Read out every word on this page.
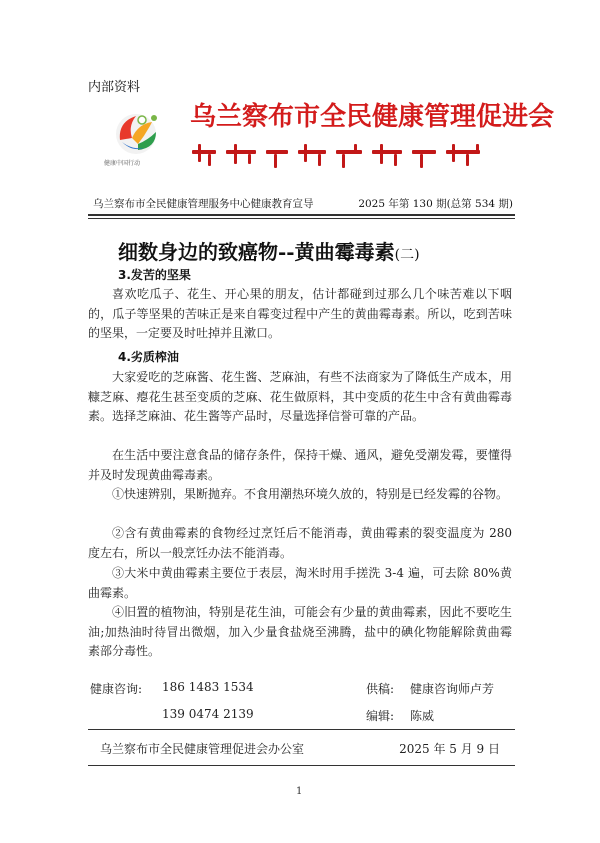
内部资料
健康中国行动
乌兰察布市全民健康管理促进会
乌兰察布市全民健康管理服务中心健康教育宣导	2025 年第 130 期(总第 534 期)
细数身边的致癌物--黄曲霉毒素(二)
3.发苦的坚果
喜欢吃瓜子、花生、开心果的朋友，估计都碰到过那么几个味苦难以下咽的，瓜子等坚果的苦味正是来自霉变过程中产生的黄曲霉毒素。所以，吃到苦味的坚果，一定要及时吐掉并且漱口。
4.劣质榨油
大家爱吃的芝麻酱、花生酱、芝麻油，有些不法商家为了降低生产成本，用糠芝麻、瘪花生甚至变质的芝麻、花生做原料，其中变质的花生中含有黄曲霉毒素。选择芝麻油、花生酱等产品时，尽量选择信誉可靠的产品。
在生活中要注意食品的储存条件，保持干燥、通风，避免受潮发霉，要懂得并及时发现黄曲霉毒素。
①快速辨别，果断抛弃。不食用潮热环境久放的，特别是已经发霉的谷物。
②含有黄曲霉素的食物经过烹饪后不能消毒，黄曲霉素的裂变温度为 280 度左右，所以一般烹饪办法不能消毒。
③大米中黄曲霉素主要位于表层，淘米时用手搓洗 3-4 遍，可去除 80%黄曲霉素。
④旧置的植物油，特别是花生油，可能会有少量的黄曲霉素，因此不要吃生油;加热油时待冒出微烟，加入少量食盐烧至沸腾，盐中的碘化物能解除黄曲霉素部分毒性。
健康咨询: 186 1483 1534
139 0474 2139
供稿: 健康咨询师卢芳
编辑: 陈威
乌兰察布市全民健康管理促进会办公室	2025 年 5 月 9 日
1
